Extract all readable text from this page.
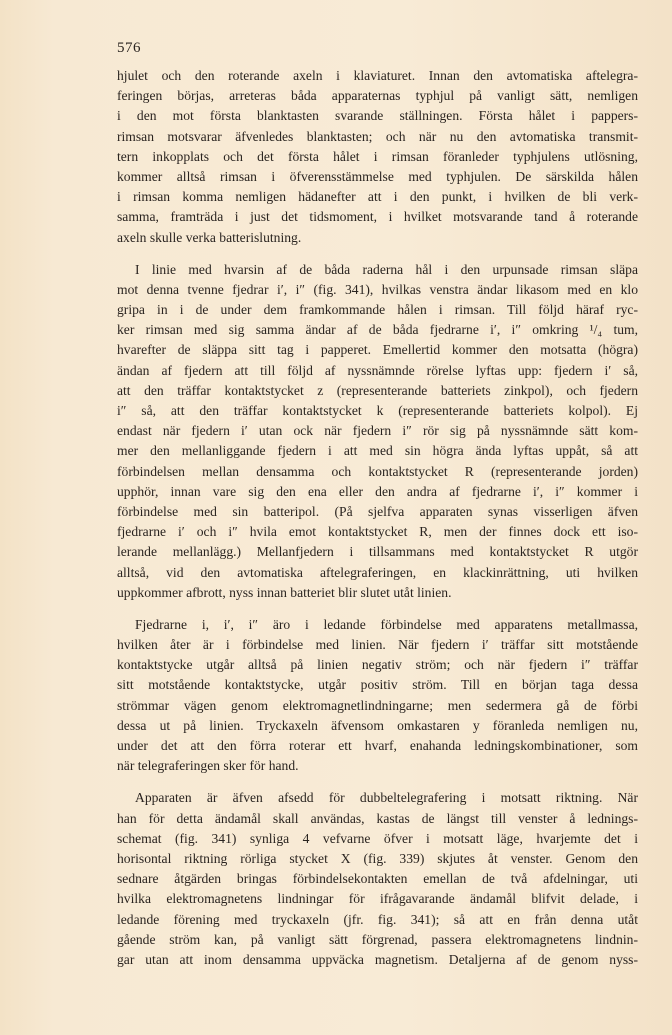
576
hjulet och den roterande axeln i klaviaturet. Innan den avtomatiska aftelegra-
feringen börjas, arreteras båda apparaternas typhjul på vanligt sätt, nemligen
i den mot första blanktasten svarande ställningen. Första hålet i pappers-
rimsan motsvarar äfvenledes blanktasten; och när nu den avtomatiska transmit-
tern inkopplats och det första hålet i rimsan föranleder typhjulens utlösning,
kommer alltså rimsan i öfverensstämmelse med typhjulen. De särskilda hålen
i rimsan komma nemligen hädanefter att i den punkt, i hvilken de bli verk-
samma, framträda i just det tidsmoment, i hvilket motsvarande tand å roterande
axeln skulle verka batterislutning.
I linie med hvarsin af de båda raderna hål i den urpunsade rimsan släpa
mot denna tvenne fjedrar i′, i″ (fig. 341), hvilkas venstra ändar likasom med en klo
gripa in i de under dem framkommande hålen i rimsan. Till följd häraf ryc-
ker rimsan med sig samma ändar af de båda fjedrarne i′, i″ omkring ¹/₄ tum,
hvarefter de släppa sitt tag i papperet. Emellertid kommer den motsatta (högra)
ändan af fjedern att till följd af nyssnämnde rörelse lyftas upp: fjedern i′ så,
att den träffar kontaktstycket z (representerande batteriets zinkpol), och fjedern
i″ så, att den träffar kontaktstycket k (representerande batteriets kolpol). Ej
endast när fjedern i′ utan ock när fjedern i″ rör sig på nyssnämnde sätt kom-
mer den mellanliggande fjedern i att med sin högra ända lyftas uppåt, så att
förbindelsen mellan densamma och kontaktstycket R (representerande jorden)
upphör, innan vare sig den ena eller den andra af fjedrarne i′, i″ kommer i
förbindelse med sin batteripol. (På sjelfva apparaten synas visserligen äfven
fjedrarne i′ och i″ hvila emot kontaktstycket R, men der finnes dock ett iso-
lerande mellanlägg.) Mellanfjedern i tillsammans med kontaktstycket R utgör
alltså, vid den avtomatiska aftelegraferingen, en klackinrättning, uti hvilken
uppkommer afbrott, nyss innan batteriet blir slutet utåt linien.
Fjedrarne i, i′, i″ äro i ledande förbindelse med apparatens metallmassa,
hvilken åter är i förbindelse med linien. När fjedern i′ träffar sitt motstående
kontaktstycke utgår alltså på linien negativ ström; och när fjedern i″ träffar
sitt motstående kontaktstycke, utgår positiv ström. Till en början taga dessa
strömmar vägen genom elektromagnetlindningarne; men sedermera gå de förbi
dessa ut på linien. Tryckaxeln äfvensom omkastaren y föranleda nemligen nu,
under det att den förra roterar ett hvarf, enahanda ledningskombinationer, som
när telegraferingen sker för hand.
Apparaten är äfven afsedd för dubbeltelegrafering i motsatt riktning. När
han för detta ändamål skall användas, kastas de längst till venster å lednings-
schemat (fig. 341) synliga 4 vefvarne öfver i motsatt läge, hvarjemte det i
horisontal riktning rörliga stycket X (fig. 339) skjutes åt venster. Genom den
sednare åtgärden bringas förbindelsekontakten emellan de två afdelningar, uti
hvilka elektromagnetens lindningar för ifrågavarande ändamål blifvit delade, i
ledande förening med tryckaxeln (jfr. fig. 341); så att en från denna utåt
gående ström kan, på vanligt sätt förgrenad, passera elektromagnetens lindnin-
gar utan att inom densamma uppväcka magnetism. Detaljerna af de genom nyss-
